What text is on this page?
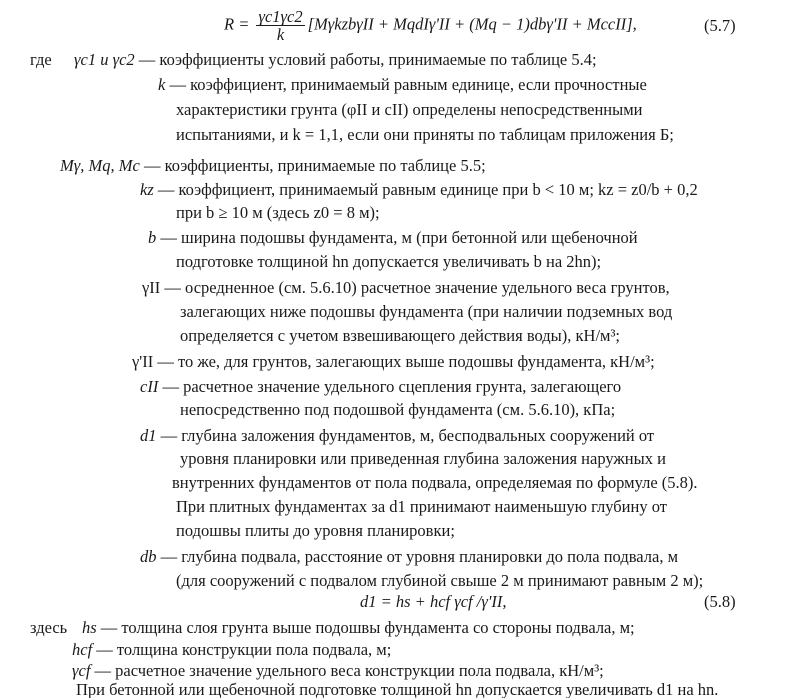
$R = \frac{\gamma c1\gamma c2}{k} [M\gamma kzb\gamma II$ + MqdIγ'II + (Mq − 1)dbγ'II + McсII],	(5.7)
где γc1 и γc2 — коэффициенты условий работы, принимаемые по таблице 5.4;
k — коэффициент, принимаемый равным единице, если прочностные
характеристики грунта (φII и cII) определены непосредственными
испытаниями, и k = 1,1, если они приняты по таблицам приложения Б;
Mγ, Mq, Mc — коэффициенты, принимаемые по таблице 5.5;
kz — коэффициент, принимаемый равным единице при b < 10 м; kz = z0/b + 0,2
при b ≥ 10 м (здесь z0 = 8 м);
b — ширина подошвы фундамента, м (при бетонной или щебеночной
подготовке толщиной hn допускается увеличивать b на 2hn);
γII — осредненное (см. 5.6.10) расчетное значение удельного веса грунтов,
залегающих ниже подошвы фундамента (при наличии подземных вод
определяется с учетом взвешивающего действия воды), кН/м³;
γ'II — то же, для грунтов, залегающих выше подошвы фундамента, кН/м³;
cII — расчетное значение удельного сцепления грунта, залегающего
непосредственно под подошвой фундамента (см. 5.6.10), кПа;
d1 — глубина заложения фундаментов, м, бесподвальных сооружений от
уровня планировки или приведенная глубина заложения наружных и
внутренних фундаментов от пола подвала, определяемая по формуле (5.8).
При плитных фундаментах за d1 принимают наименьшую глубину от
подошвы плиты до уровня планировки;
db — глубина подвала, расстояние от уровня планировки до пола подвала, м
(для сооружений с подвалом глубиной свыше 2 м принимают равным 2 м);
d1 = hs + hcf γcf /γ'II,	(5.8)
здесь hs — толщина слоя грунта выше подошвы фундамента со стороны подвала, м;
hcf — толщина конструкции пола подвала, м;
γcf — расчетное значение удельного веса конструкции пола подвала, кН/м³;
При бетонной или щебеночной подготовке толщиной hn допускается увеличивать d1 на hn.
